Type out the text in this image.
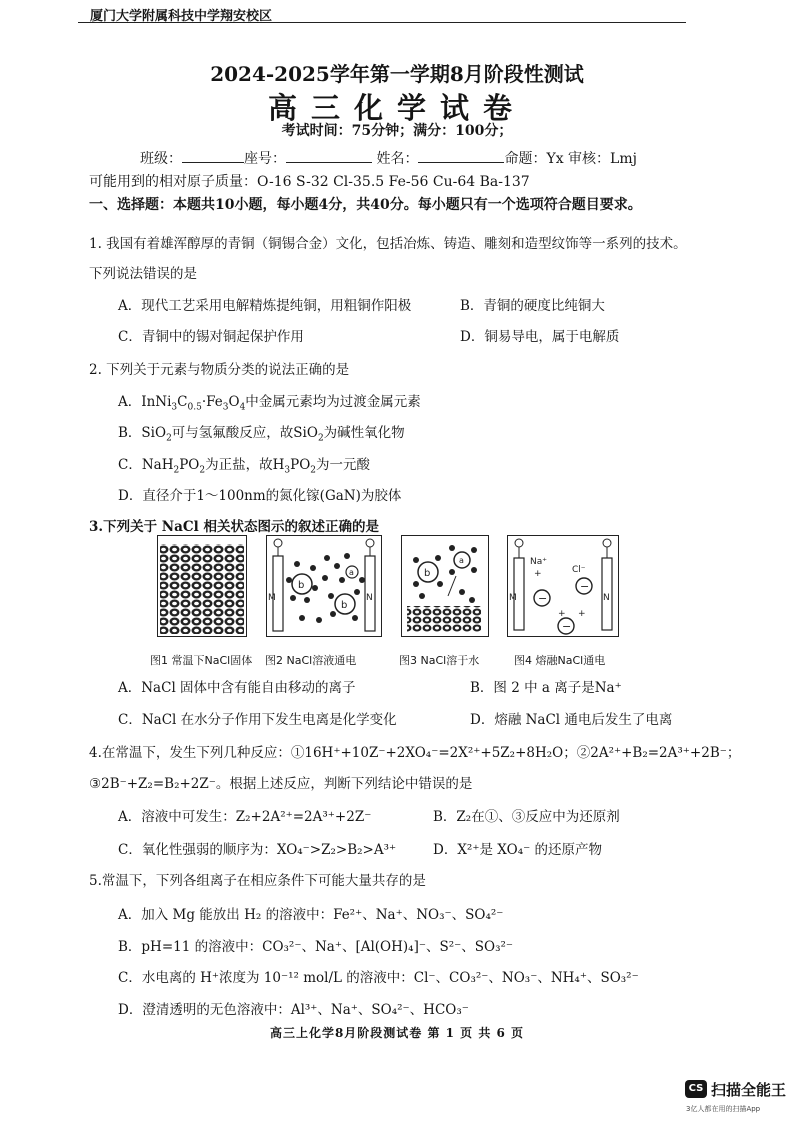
厦门大学附属科技中学翔安校区
2024-2025学年第一学期8月阶段性测试
高三化学试卷
考试时间：75分钟；满分：100分；
班级：	座号：	姓名：	命题：Yx 审核：Lmj
可能用到的相对原子质量：O-16 S-32 Cl-35.5 Fe-56 Cu-64 Ba-137
一、选择题：本题共10小题，每小题4分，共40分。每小题只有一个选项符合题目要求。
1. 我国有着雄浑醇厚的青铜（铜锡合金）文化，包括冶炼、铸造、雕刻和造型纹饰等一系列的技术。
下列说法错误的是
A．现代工艺采用电解精炼提纯铜，用粗铜作阳极	B．青铜的硬度比纯铜大
C．青铜中的锡对铜起保护作用	D．铜易导电，属于电解质
2. 下列关于元素与物质分类的说法正确的是
A．$InNi_3C_{0.5}\cdot Fe_3O_4$中金属元素均为过渡金属元素
B．SiO$_2$可与氢氟酸反应，故SiO$_2$为碱性氧化物
C．$NaH_2PO_2$为正盐，故$H_3PO_2$为一元酸
D．直径介于1～100nm的氮化镓(GaN)为胶体
3.下列关于 NaCl 相关状态图示的叙述正确的是
M	N
b
b
a	b
a
−
−
−
Na⁺
Cl⁻
+
+ +
M	N
图1 常温下NaCl固体 图2 NaCl溶液通电	图3 NaCl溶于水	图4 熔融NaCl通电
A．NaCl 固体中含有能自由移动的离子	B．图 2 中 a 离子是Na⁺
C．NaCl 在水分子作用下发生电离是化学变化	D．熔融 NaCl 通电后发生了电离
4.在常温下，发生下列几种反应：①16H⁺+10Z⁻+2XO₄⁻=2X²⁺+5Z₂+8H₂O；②2A²⁺+B₂=2A³⁺+2B⁻；
③2B⁻+Z₂=B₂+2Z⁻。根据上述反应，判断下列结论中错误的是
A．溶液中可发生：Z₂+2A²⁺=2A³⁺+2Z⁻	B．Z₂在①、③反应中为还原剂
C．氧化性强弱的顺序为：XO₄⁻>Z₂>B₂>A³⁺	D．X²⁺是 XO₄⁻ 的还原产物
5.常温下，下列各组离子在相应条件下可能大量共存的是
A．加入 Mg 能放出 H₂ 的溶液中：Fe²⁺、Na⁺、NO₃⁻、SO₄²⁻
B．pH=11 的溶液中：CO₃²⁻、Na⁺、[Al(OH)₄]⁻、S²⁻、SO₃²⁻
C．水电离的 H⁺浓度为 10⁻¹² mol/L 的溶液中：Cl⁻、CO₃²⁻、NO₃⁻、NH₄⁺、SO₃²⁻
D．澄清透明的无色溶液中：Al³⁺、Na⁺、SO₄²⁻、HCO₃⁻
高三上化学8月阶段测试卷 第 1 页 共 6 页
CS 扫描全能王
3亿人都在用的扫描App
